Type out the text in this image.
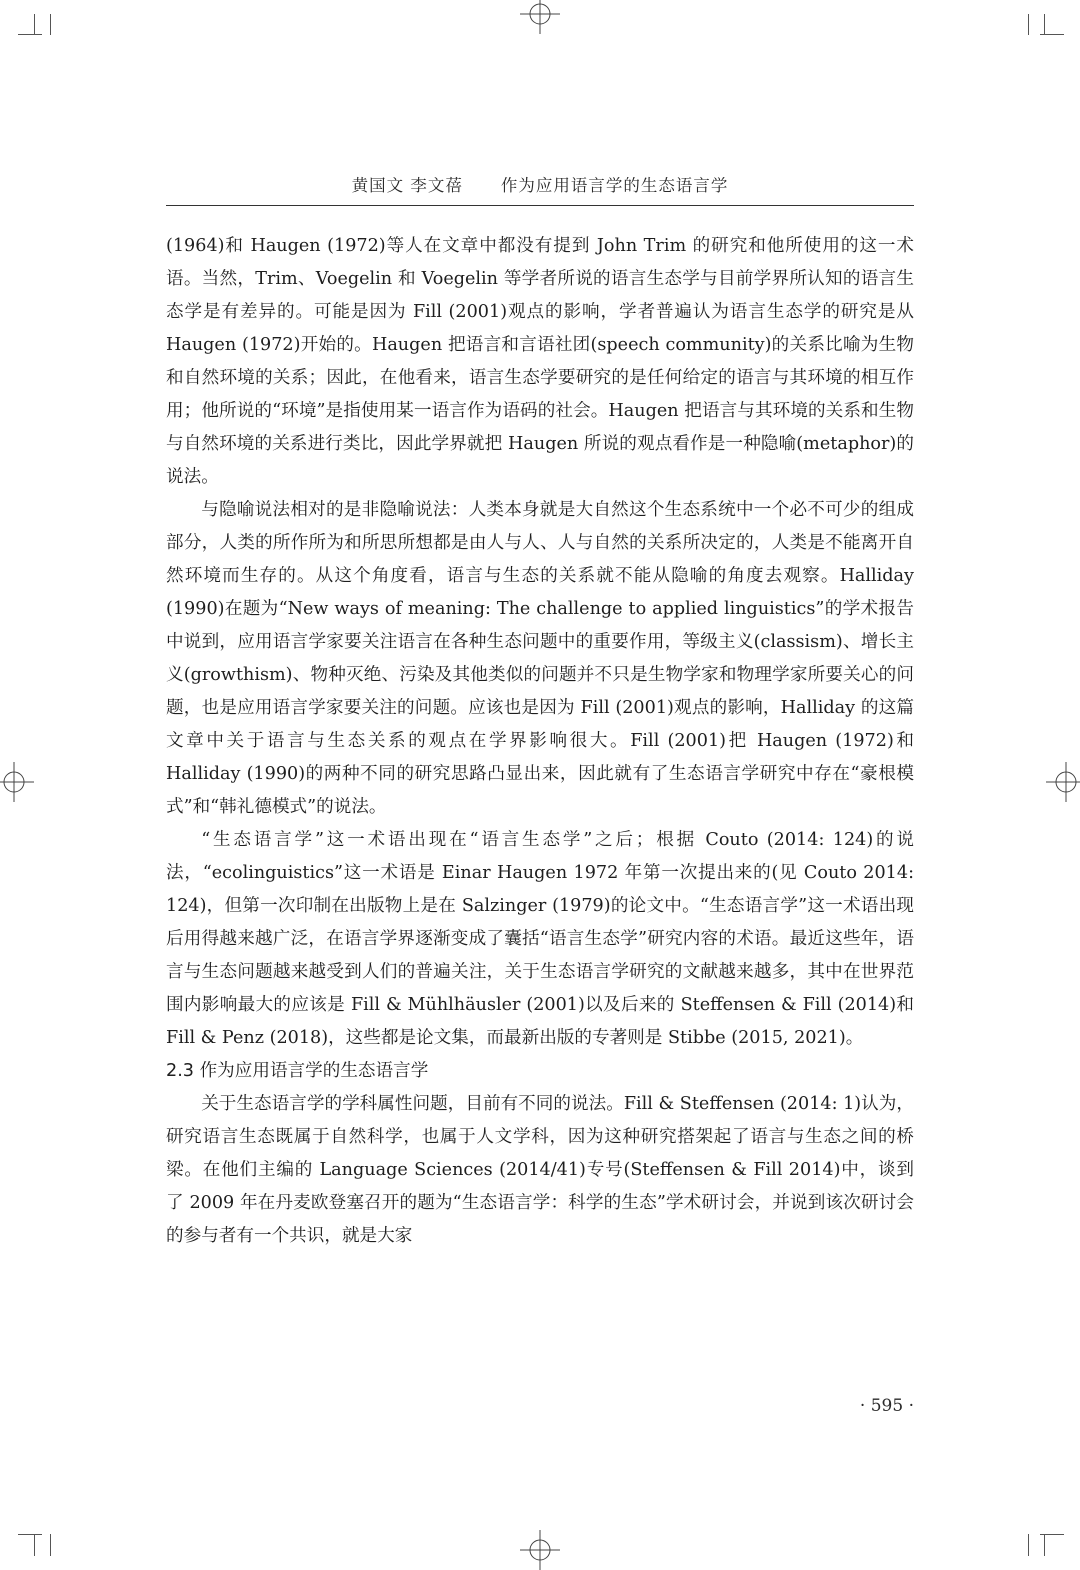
黄国文 李文蓓 作为应用语言学的生态语言学

(1964)和 Haugen (1972)等人在文章中都没有提到 John Trim 的研究和他所使用的这一术语。当然，Trim、Voegelin 和 Voegelin 等学者所说的语言生态学与目前学界所认知的语言生态学是有差异的。可能是因为 Fill (2001)观点的影响，学者普遍认为语言生态学的研究是从 Haugen (1972)开始的。Haugen 把语言和言语社团(speech community)的关系比喻为生物和自然环境的关系；因此，在他看来，语言生态学要研究的是任何给定的语言与其环境的相互作用；他所说的“环境”是指使用某一语言作为语码的社会。Haugen 把语言与其环境的关系和生物与自然环境的关系进行类比，因此学界就把 Haugen 所说的观点看作是一种隐喻(metaphor)的说法。

与隐喻说法相对的是非隐喻说法：人类本身就是大自然这个生态系统中一个必不可少的组成部分，人类的所作所为和所思所想都是由人与人、人与自然的关系所决定的，人类是不能离开自然环境而生存的。从这个角度看，语言与生态的关系就不能从隐喻的角度去观察。Halliday (1990)在题为“New ways of meaning: The challenge to applied linguistics”的学术报告中说到，应用语言学家要关注语言在各种生态问题中的重要作用，等级主义(classism)、增长主义(growthism)、物种灭绝、污染及其他类似的问题并不只是生物学家和物理学家所要关心的问题，也是应用语言学家要关注的问题。应该也是因为 Fill (2001)观点的影响，Halliday 的这篇文章中关于语言与生态关系的观点在学界影响很大。Fill (2001)把 Haugen (1972)和 Halliday (1990)的两种不同的研究思路凸显出来，因此就有了生态语言学研究中存在“豪根模式”和“韩礼德模式”的说法。

“生态语言学”这一术语出现在“语言生态学”之后；根据 Couto (2014: 124)的说法，“ecolinguistics”这一术语是 Einar Haugen 1972 年第一次提出来的(见 Couto 2014: 124)，但第一次印制在出版物上是在 Salzinger (1979)的论文中。“生态语言学”这一术语出现后用得越来越广泛，在语言学界逐渐变成了囊括“语言生态学”研究内容的术语。最近这些年，语言与生态问题越来越受到人们的普遍关注，关于生态语言学研究的文献越来越多，其中在世界范围内影响最大的应该是 Fill & Mühlhäusler (2001)以及后来的 Steffensen & Fill (2014)和 Fill & Penz (2018)，这些都是论文集，而最新出版的专著则是 Stibbe (2015, 2021)。

2.3 作为应用语言学的生态语言学

关于生态语言学的学科属性问题，目前有不同的说法。Fill & Steffensen (2014: 1)认为，研究语言生态既属于自然科学，也属于人文学科，因为这种研究搭架起了语言与生态之间的桥梁。在他们主编的 Language Sciences (2014/41)专号(Steffensen & Fill 2014)中，谈到了 2009 年在丹麦欧登塞召开的题为“生态语言学：科学的生态”学术研讨会，并说到该次研讨会的参与者有一个共识，就是大家

· 595 ·
